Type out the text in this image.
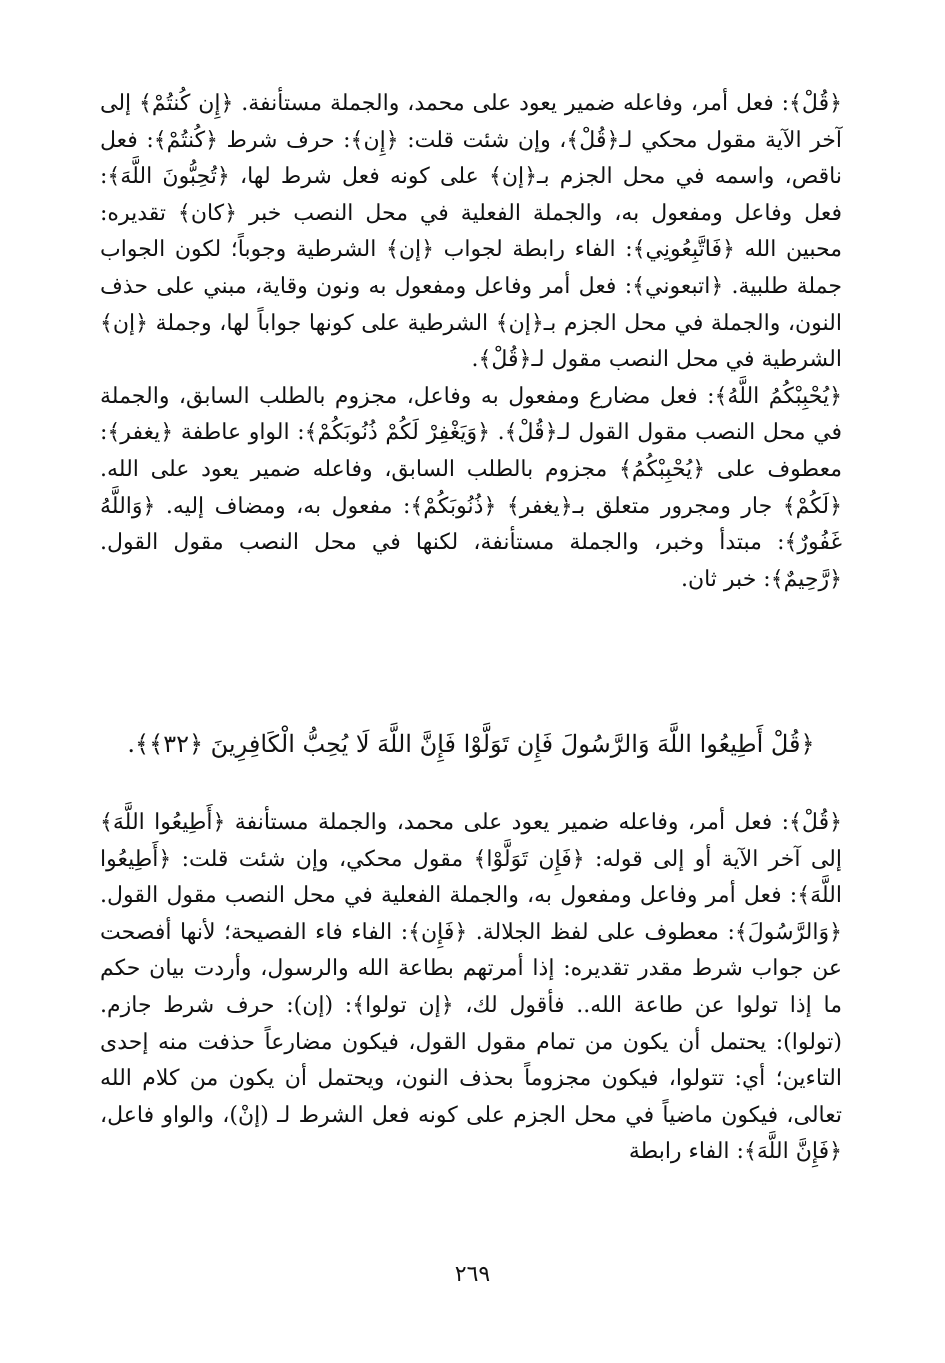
﴿قُلْ﴾: فعل أمر، وفاعله ضمير يعود على محمد، والجملة مستأنفة. ﴿إِن كُنتُمْ﴾ إلى آخر الآية مقول محكي لـ﴿قُلْ﴾، وإن شئت قلت: ﴿إِن﴾: حرف شرط ﴿كُنتُمْ﴾: فعل ناقص، واسمه في محل الجزم بـ﴿إن﴾ على كونه فعل شرط لها، ﴿تُحِبُّونَ اللَّهَ﴾: فعل وفاعل ومفعول به، والجملة الفعلية في محل النصب خبر ﴿كان﴾ تقديره: محبين الله ﴿فَاتَّبِعُونِي﴾: الفاء رابطة لجواب ﴿إن﴾ الشرطية وجوباً؛ لكون الجواب جملة طلبية. ﴿اتبعوني﴾: فعل أمر وفاعل ومفعول به ونون وقاية، مبني على حذف النون، والجملة في محل الجزم بـ﴿إن﴾ الشرطية على كونها جواباً لها، وجملة ﴿إن﴾ الشرطية في محل النصب مقول لـ﴿قُلْ﴾.
﴿يُحْبِبْكُمُ اللَّهُ﴾: فعل مضارع ومفعول به وفاعل، مجزوم بالطلب السابق، والجملة في محل النصب مقول القول لـ﴿قُلْ﴾. ﴿وَيَغْفِرْ لَكُمْ ذُنُوبَكُمْ﴾: الواو عاطفة ﴿يغفر﴾: معطوف على ﴿يُحْبِبْكُمُ﴾ مجزوم بالطلب السابق، وفاعله ضمير يعود على الله. ﴿لَكُمْ﴾ جار ومجرور متعلق بـ﴿يغفر﴾ ﴿ذُنُوبَكُمْ﴾: مفعول به، ومضاف إليه. ﴿وَاللَّهُ غَفُورٌ﴾: مبتدأ وخبر، والجملة مستأنفة، لكنها في محل النصب مقول القول. ﴿رَّحِيمٌ﴾: خبر ثان.
﴿قُلْ أَطِيعُوا اللَّهَ وَالرَّسُولَ فَإِن تَوَلَّوْا فَإِنَّ اللَّهَ لَا يُحِبُّ الْكَافِرِينَ ﴿٣٢﴾﴾.
﴿قُلْ﴾: فعل أمر، وفاعله ضمير يعود على محمد، والجملة مستأنفة ﴿أَطِيعُوا اللَّهَ﴾ إلى آخر الآية أو إلى قوله: ﴿فَإِن تَوَلَّوْا﴾ مقول محكي، وإن شئت قلت: ﴿أَطِيعُوا اللَّهَ﴾: فعل أمر وفاعل ومفعول به، والجملة الفعلية في محل النصب مقول القول. ﴿وَالرَّسُولَ﴾: معطوف على لفظ الجلالة. ﴿فَإِن﴾: الفاء فاء الفصيحة؛ لأنها أفصحت عن جواب شرط مقدر تقديره: إذا أمرتهم بطاعة الله والرسول، وأردت بيان حكم ما إذا تولوا عن طاعة الله.. فأقول لك، ﴿إن تولوا﴾: (إن): حرف شرط جازم. (تولوا): يحتمل أن يكون من تمام مقول القول، فيكون مضارعاً حذفت منه إحدى التاءين؛ أي: تتولوا، فيكون مجزوماً بحذف النون، ويحتمل أن يكون من كلام الله تعالى، فيكون ماضياً في محل الجزم على كونه فعل الشرط لـ (إنْ)، والواو فاعل، ﴿فَإِنَّ اللَّهَ﴾: الفاء رابطة
٢٦٩
